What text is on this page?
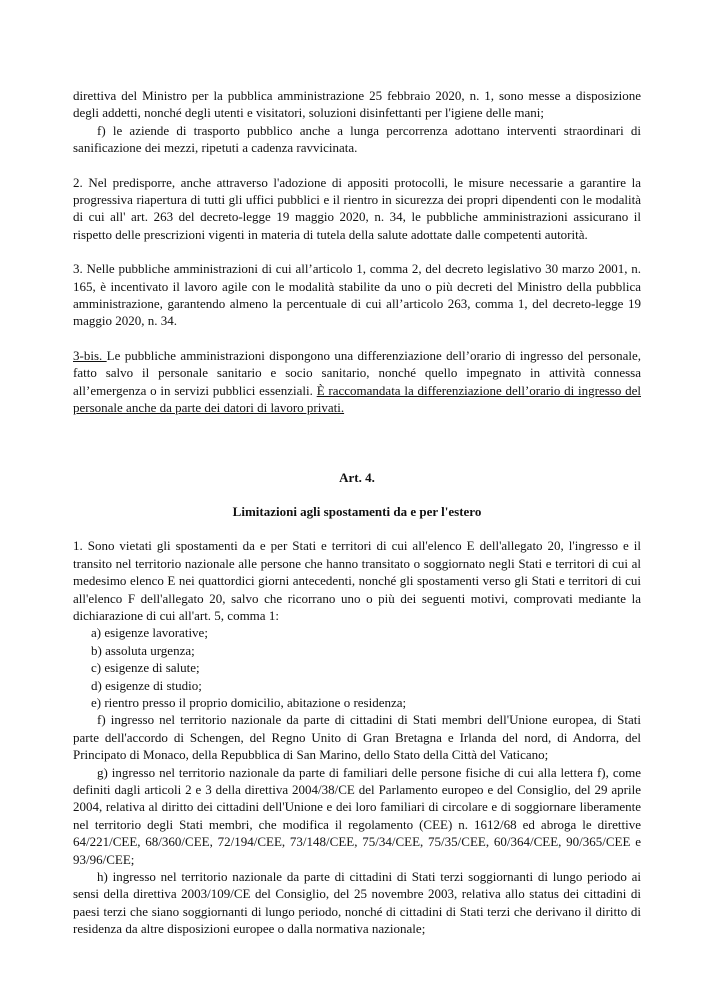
direttiva del Ministro per la pubblica amministrazione 25 febbraio 2020, n. 1, sono messe a disposizione degli addetti, nonché degli utenti e visitatori, soluzioni disinfettanti per l'igiene delle mani;

f) le aziende di trasporto pubblico anche a lunga percorrenza adottano interventi straordinari di sanificazione dei mezzi, ripetuti a cadenza ravvicinata.

2. Nel predisporre, anche attraverso l'adozione di appositi protocolli, le misure necessarie a garantire la progressiva riapertura di tutti gli uffici pubblici e il rientro in sicurezza dei propri dipendenti con le modalità di cui all' art. 263 del decreto-legge 19 maggio 2020, n. 34, le pubbliche amministrazioni assicurano il rispetto delle prescrizioni vigenti in materia di tutela della salute adottate dalle competenti autorità.

3. Nelle pubbliche amministrazioni di cui all’articolo 1, comma 2, del decreto legislativo 30 marzo 2001, n. 165, è incentivato il lavoro agile con le modalità stabilite da uno o più decreti del Ministro della pubblica amministrazione, garantendo almeno la percentuale di cui all’articolo 263, comma 1, del decreto-legge 19 maggio 2020, n. 34.

3-bis. Le pubbliche amministrazioni dispongono una differenziazione dell’orario di ingresso del personale, fatto salvo il personale sanitario e socio sanitario, nonché quello impegnato in attività connessa all’emergenza o in servizi pubblici essenziali. È raccomandata la differenziazione dell’orario di ingresso del personale anche da parte dei datori di lavoro privati.

Art. 4.

Limitazioni agli spostamenti da e per l'estero

1. Sono vietati gli spostamenti da e per Stati e territori di cui all'elenco E dell'allegato 20, l'ingresso e il transito nel territorio nazionale alle persone che hanno transitato o soggiornato negli Stati e territori di cui al medesimo elenco E nei quattordici giorni antecedenti, nonché gli spostamenti verso gli Stati e territori di cui all'elenco F dell'allegato 20, salvo che ricorrano uno o più dei seguenti motivi, comprovati mediante la dichiarazione di cui all'art. 5, comma 1:

a) esigenze lavorative;

b) assoluta urgenza;

c) esigenze di salute;

d) esigenze di studio;

e) rientro presso il proprio domicilio, abitazione o residenza;

f) ingresso nel territorio nazionale da parte di cittadini di Stati membri dell'Unione europea, di Stati parte dell'accordo di Schengen, del Regno Unito di Gran Bretagna e Irlanda del nord, di Andorra, del Principato di Monaco, della Repubblica di San Marino, dello Stato della Città del Vaticano;

g) ingresso nel territorio nazionale da parte di familiari delle persone fisiche di cui alla lettera f), come definiti dagli articoli 2 e 3 della direttiva 2004/38/CE del Parlamento europeo e del Consiglio, del 29 aprile 2004, relativa al diritto dei cittadini dell'Unione e dei loro familiari di circolare e di soggiornare liberamente nel territorio degli Stati membri, che modifica il regolamento (CEE) n. 1612/68 ed abroga le direttive 64/221/CEE, 68/360/CEE, 72/194/CEE, 73/148/CEE, 75/34/CEE, 75/35/CEE, 60/364/CEE, 90/365/CEE e 93/96/CEE;

h) ingresso nel territorio nazionale da parte di cittadini di Stati terzi soggiornanti di lungo periodo ai sensi della direttiva 2003/109/CE del Consiglio, del 25 novembre 2003, relativa allo status dei cittadini di paesi terzi che siano soggiornanti di lungo periodo, nonché di cittadini di Stati terzi che derivano il diritto di residenza da altre disposizioni europee o dalla normativa nazionale;
